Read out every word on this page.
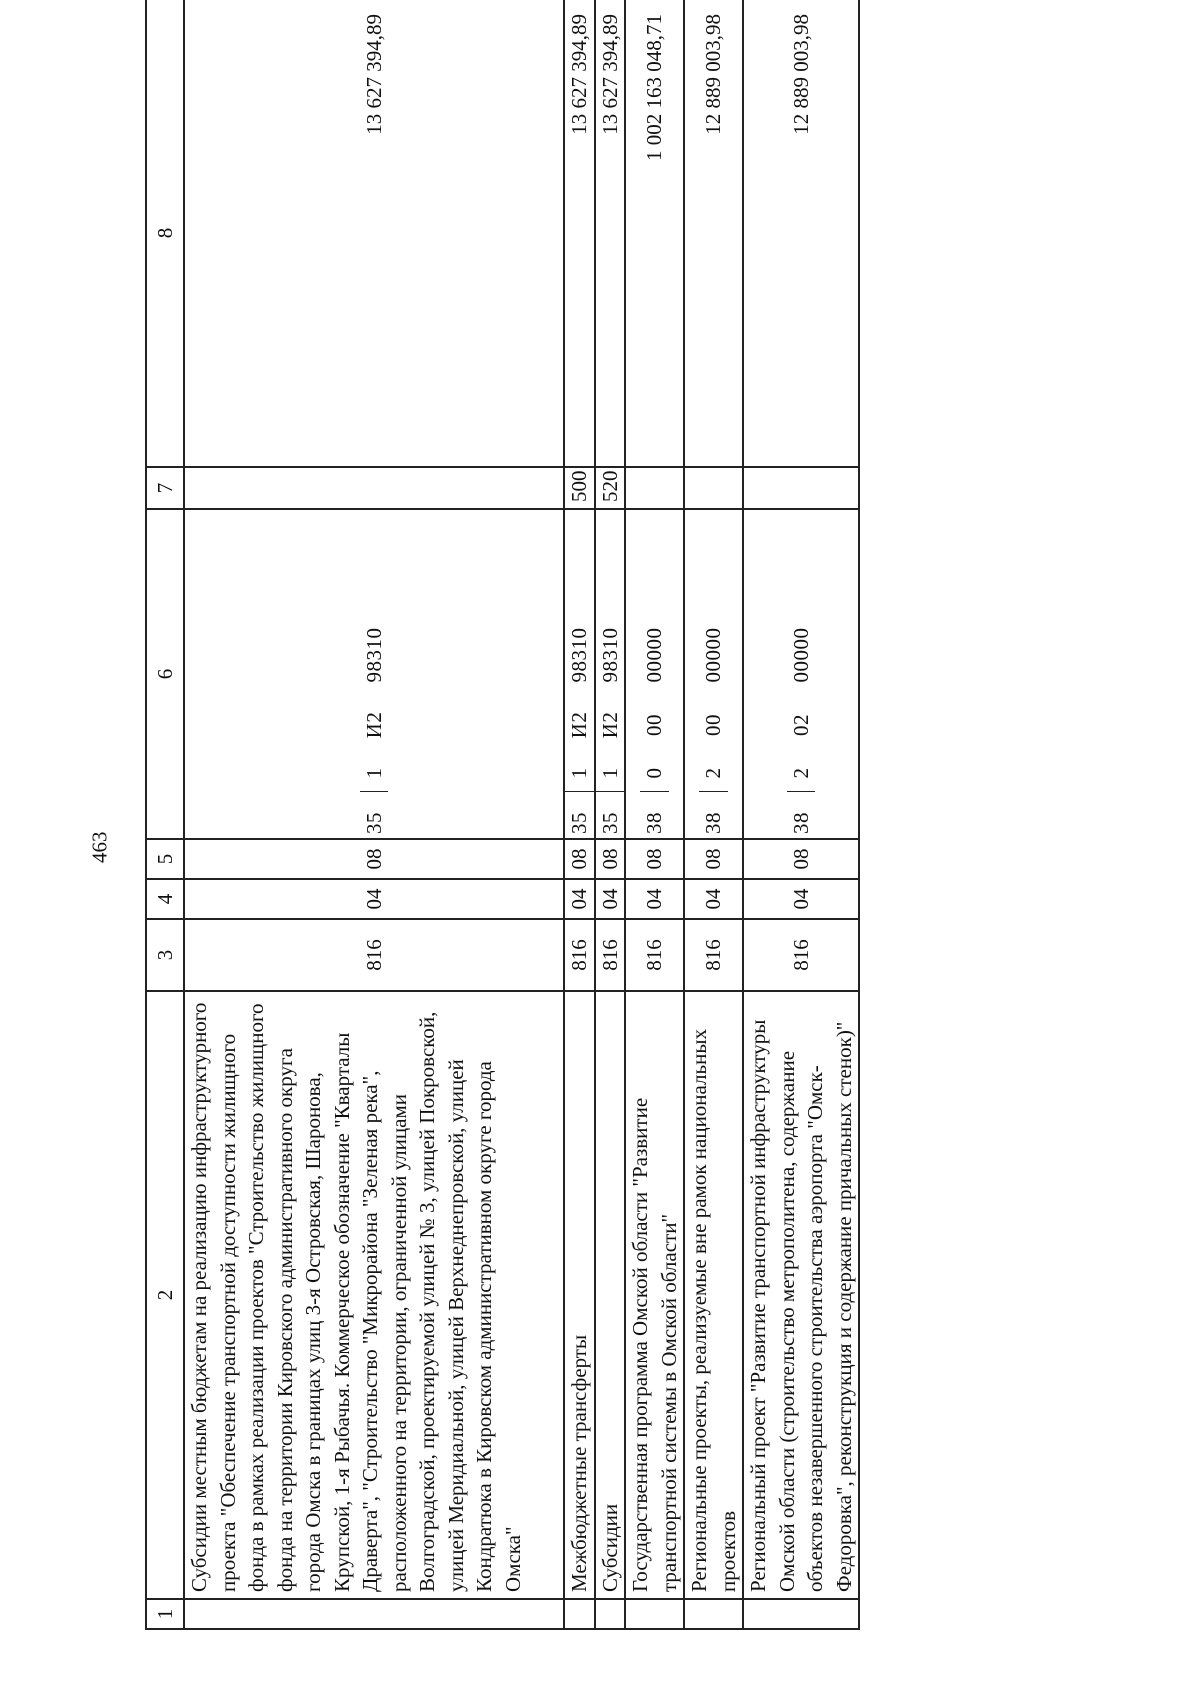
463
1	2	3	4	5	6	7	8
	Субсидии местным бюджетам на реализацию инфраструктурного проекта "Обеспечение транспортной доступности жилищного фонда в рамках реализации проектов "Строительство жилищного фонда на территории Кировского административного округа города Омска в границах улиц 3-я Островская, Шаронова, Крупской, 1-я Рыбачья. Коммерческое обозначение "Кварталы Драверта", "Строительство "Микрорайона "Зеленая река", расположенного на территории, ограниченной улицами Волгоградской, проектируемой улицей № 3, улицей Покровской, улицей Меридиальной, улицей Верхнеднепровской, улицей Кондратюка в Кировском административном округе города Омска"	816	04	08	351И298310		13 627 394,89
	Межбюджетные трансферты	816	04	08	351И298310	500	13 627 394,89
	Субсидии	816	04	08	351И298310	520	13 627 394,89
	Государственная программа Омской области "Развитие транспортной системы в Омской области"	816	04	08	3800000000		1 002 163 048,71
	Региональные проекты, реализуемые вне рамок национальных проектов	816	04	08	3820000000		12 889 003,98
	Региональный проект "Развитие транспортной инфраструктуры Омской области (строительство метрополитена, содержание объектов незавершенного строительства аэропорта "Омск-Федоровка", реконструкция и содержание причальных стенок)"	816	04	08	3820200000		12 889 003,98
